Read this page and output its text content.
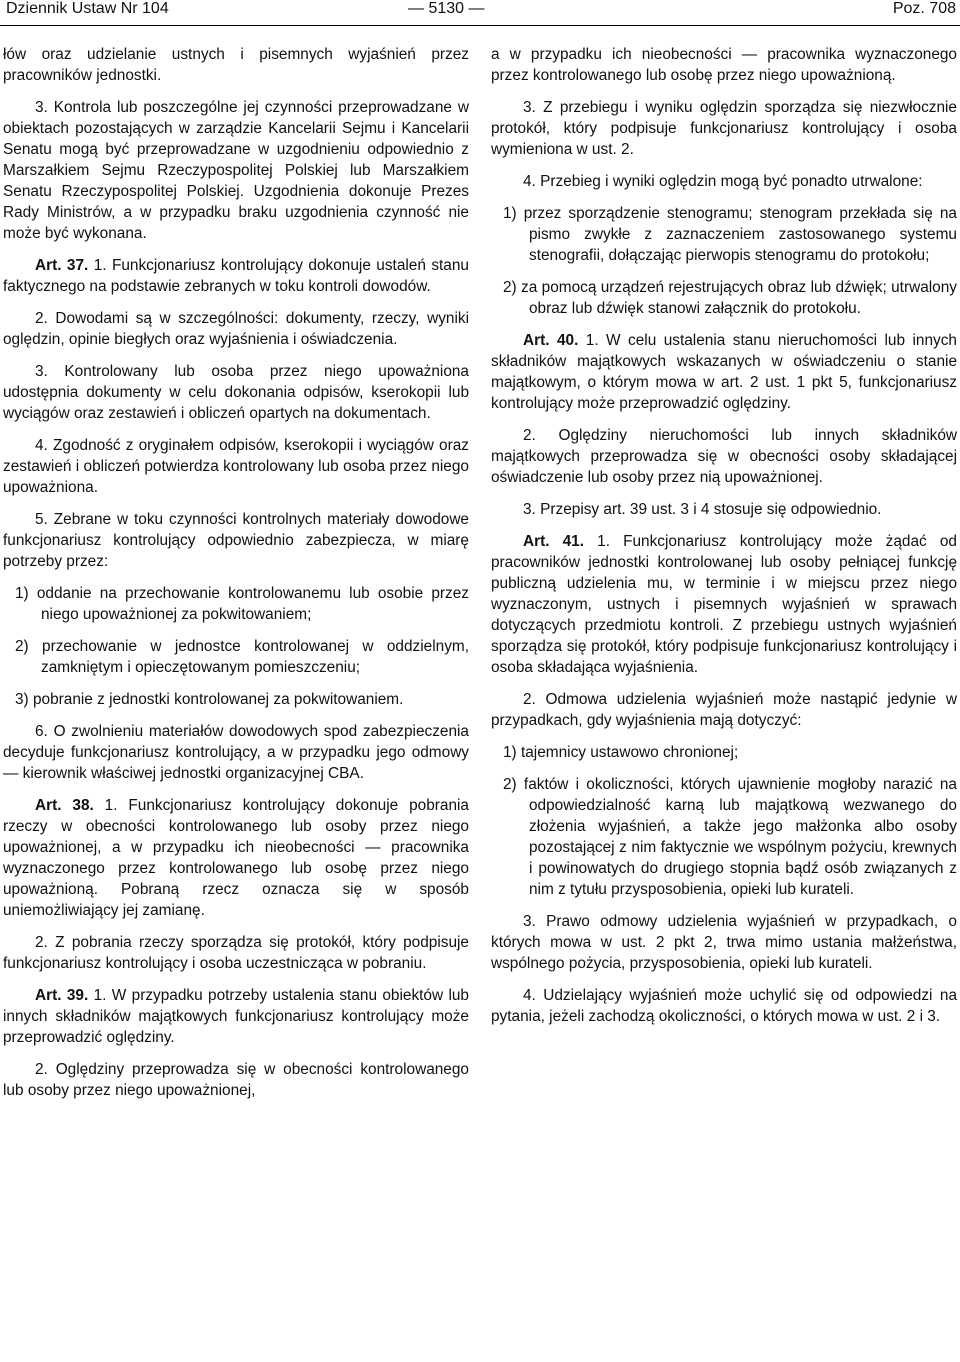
Dziennik Ustaw Nr 104	— 5130 —	Poz. 708

łów oraz udzielanie ustnych i pisemnych wyjaśnień przez pracowników jednostki.

3. Kontrola lub poszczególne jej czynności przeprowadzane w obiektach pozostających w zarządzie Kancelarii Sejmu i Kancelarii Senatu mogą być przeprowadzane w uzgodnieniu odpowiednio z Marszałkiem Sejmu Rzeczypospolitej Polskiej lub Marszałkiem Senatu Rzeczypospolitej Polskiej. Uzgodnienia dokonuje Prezes Rady Ministrów, a w przypadku braku uzgodnienia czynność nie może być wykonana.

Art. 37. 1. Funkcjonariusz kontrolujący dokonuje ustaleń stanu faktycznego na podstawie zebranych w toku kontroli dowodów.

2. Dowodami są w szczególności: dokumenty, rzeczy, wyniki oględzin, opinie biegłych oraz wyjaśnienia i oświadczenia.

3. Kontrolowany lub osoba przez niego upoważniona udostępnia dokumenty w celu dokonania odpisów, kserokopii lub wyciągów oraz zestawień i obliczeń opartych na dokumentach.

4. Zgodność z oryginałem odpisów, kserokopii i wyciągów oraz zestawień i obliczeń potwierdza kontrolowany lub osoba przez niego upoważniona.

5. Zebrane w toku czynności kontrolnych materiały dowodowe funkcjonariusz kontrolujący odpowiednio zabezpiecza, w miarę potrzeby przez:

1) oddanie na przechowanie kontrolowanemu lub osobie przez niego upoważnionej za pokwitowaniem;

2) przechowanie w jednostce kontrolowanej w oddzielnym, zamkniętym i opieczętowanym pomieszczeniu;

3) pobranie z jednostki kontrolowanej za pokwitowaniem.

6. O zwolnieniu materiałów dowodowych spod zabezpieczenia decyduje funkcjonariusz kontrolujący, a w przypadku jego odmowy — kierownik właściwej jednostki organizacyjnej CBA.

Art. 38. 1. Funkcjonariusz kontrolujący dokonuje pobrania rzeczy w obecności kontrolowanego lub osoby przez niego upoważnionej, a w przypadku ich nieobecności — pracownika wyznaczonego przez kontrolowanego lub osobę przez niego upoważnioną. Pobraną rzecz oznacza się w sposób uniemożliwiający jej zamianę.

2. Z pobrania rzeczy sporządza się protokół, który podpisuje funkcjonariusz kontrolujący i osoba uczestnicząca w pobraniu.

Art. 39. 1. W przypadku potrzeby ustalenia stanu obiektów lub innych składników majątkowych funkcjonariusz kontrolujący może przeprowadzić oględziny.

2. Oględziny przeprowadza się w obecności kontrolowanego lub osoby przez niego upoważnionej,

a w przypadku ich nieobecności — pracownika wyznaczonego przez kontrolowanego lub osobę przez niego upoważnioną.

3. Z przebiegu i wyniku oględzin sporządza się niezwłocznie protokół, który podpisuje funkcjonariusz kontrolujący i osoba wymieniona w ust. 2.

4. Przebieg i wyniki oględzin mogą być ponadto utrwalone:

1) przez sporządzenie stenogramu; stenogram przekłada się na pismo zwykłe z zaznaczeniem zastosowanego systemu stenografii, dołączając pierwopis stenogramu do protokołu;

2) za pomocą urządzeń rejestrujących obraz lub dźwięk; utrwalony obraz lub dźwięk stanowi załącznik do protokołu.

Art. 40. 1. W celu ustalenia stanu nieruchomości lub innych składników majątkowych wskazanych w oświadczeniu o stanie majątkowym, o którym mowa w art. 2 ust. 1 pkt 5, funkcjonariusz kontrolujący może przeprowadzić oględziny.

2. Oględziny nieruchomości lub innych składników majątkowych przeprowadza się w obecności osoby składającej oświadczenie lub osoby przez nią upoważnionej.

3. Przepisy art. 39 ust. 3 i 4 stosuje się odpowiednio.

Art. 41. 1. Funkcjonariusz kontrolujący może żądać od pracowników jednostki kontrolowanej lub osoby pełniącej funkcję publiczną udzielenia mu, w terminie i w miejscu przez niego wyznaczonym, ustnych i pisemnych wyjaśnień w sprawach dotyczących przedmiotu kontroli. Z przebiegu ustnych wyjaśnień sporządza się protokół, który podpisuje funkcjonariusz kontrolujący i osoba składająca wyjaśnienia.

2. Odmowa udzielenia wyjaśnień może nastąpić jedynie w przypadkach, gdy wyjaśnienia mają dotyczyć:

1) tajemnicy ustawowo chronionej;

2) faktów i okoliczności, których ujawnienie mogłoby narazić na odpowiedzialność karną lub majątkową wezwanego do złożenia wyjaśnień, a także jego małżonka albo osoby pozostającej z nim faktycznie we wspólnym pożyciu, krewnych i powinowatych do drugiego stopnia bądź osób związanych z nim z tytułu przysposobienia, opieki lub kurateli.

3. Prawo odmowy udzielenia wyjaśnień w przypadkach, o których mowa w ust. 2 pkt 2, trwa mimo ustania małżeństwa, wspólnego pożycia, przysposobienia, opieki lub kurateli.

4. Udzielający wyjaśnień może uchylić się od odpowiedzi na pytania, jeżeli zachodzą okoliczności, o których mowa w ust. 2 i 3.
